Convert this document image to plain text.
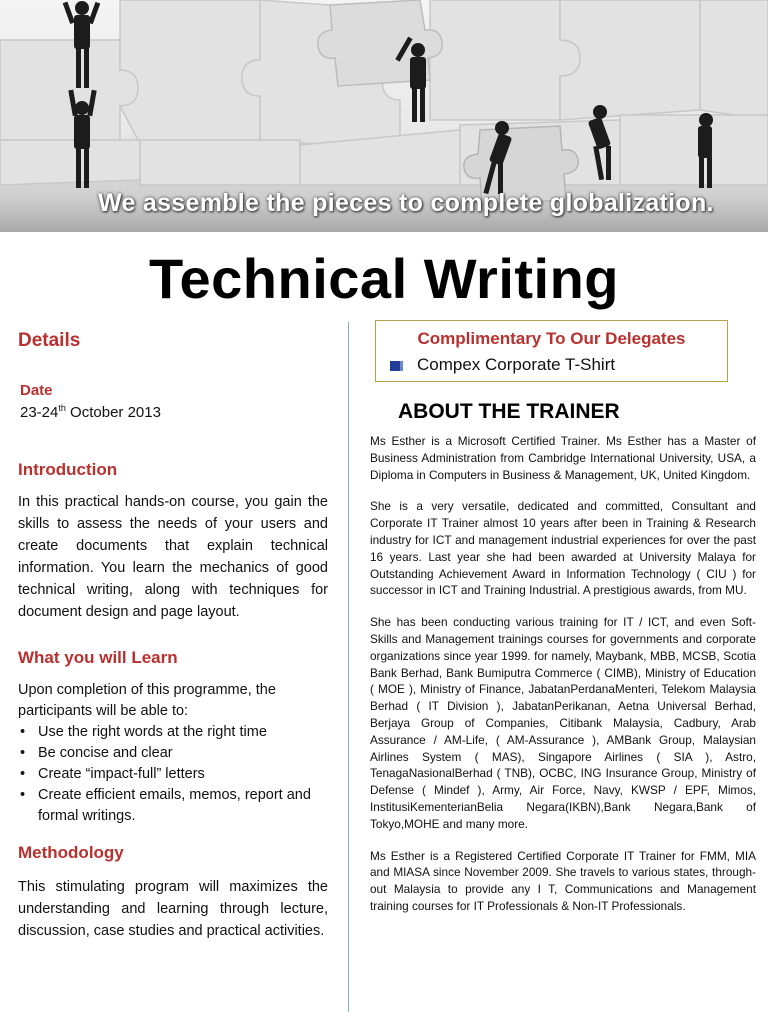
We assemble the pieces to complete globalization.
Technical Writing
Details
Date
23-24th October 2013
Introduction
In this practical hands-on course, you gain the skills to assess the needs of your users and create documents that explain technical information. You learn the mechanics of good technical writing, along with techniques for document design and page layout.
What you will Learn
Upon completion of this programme, the participants will be able to:
• Use the right words at the right time
• Be concise and clear
• Create “impact-full” letters
• Create efficient emails, memos, report and formal writings.
Methodology
This stimulating program will maximizes the understanding and learning through lecture, discussion, case studies and practical activities.
Complimentary To Our Delegates
Compex Corporate T-Shirt
ABOUT THE TRAINER

Ms Esther is a Microsoft Certified Trainer. Ms Esther has a Master of Business Administration from Cambridge International University, USA, a Diploma in Computers in Business & Management, UK, United Kingdom.

She is a very versatile, dedicated and committed, Consultant and Corporate IT Trainer almost 10 years after been in Training & Research industry for ICT and management industrial experiences for over the past 16 years. Last year she had been awarded at University Malaya for Outstanding Achievement Award in Information Technology ( CIU ) for successor in ICT and Training Industrial. A prestigious awards, from MU.

She has been conducting various training for IT / ICT, and even Soft- Skills and Management trainings courses for governments and corporate organizations since year 1999. for namely, Maybank, MBB, MCSB, Scotia Bank Berhad, Bank Bumiputra Commerce ( CIMB), Ministry of Education ( MOE ), Ministry of Finance, JabatanPerdanaMenteri, Telekom Malaysia Berhad ( IT Division ), JabatanPerikanan, Aetna Universal Berhad, Berjaya Group of Companies, Citibank Malaysia, Cadbury, Arab Assurance / AM-Life, ( AM-Assurance ), AMBank Group, Malaysian Airlines System ( MAS), Singapore Airlines ( SIA ), Astro, TenagaNasionalBerhad ( TNB), OCBC, ING Insurance Group, Ministry of Defense ( Mindef ), Army, Air Force, Navy, KWSP / EPF, Mimos, InstitusiKementerianBelia Negara(IKBN),Bank Negara,Bank of Tokyo,MOHE and many more.

Ms Esther is a Registered Certified Corporate IT Trainer for FMM, MIA and MIASA since November 2009. She travels to various states, through-out Malaysia to provide any I T, Communications and Management training courses for IT Professionals & Non-IT Professionals.
